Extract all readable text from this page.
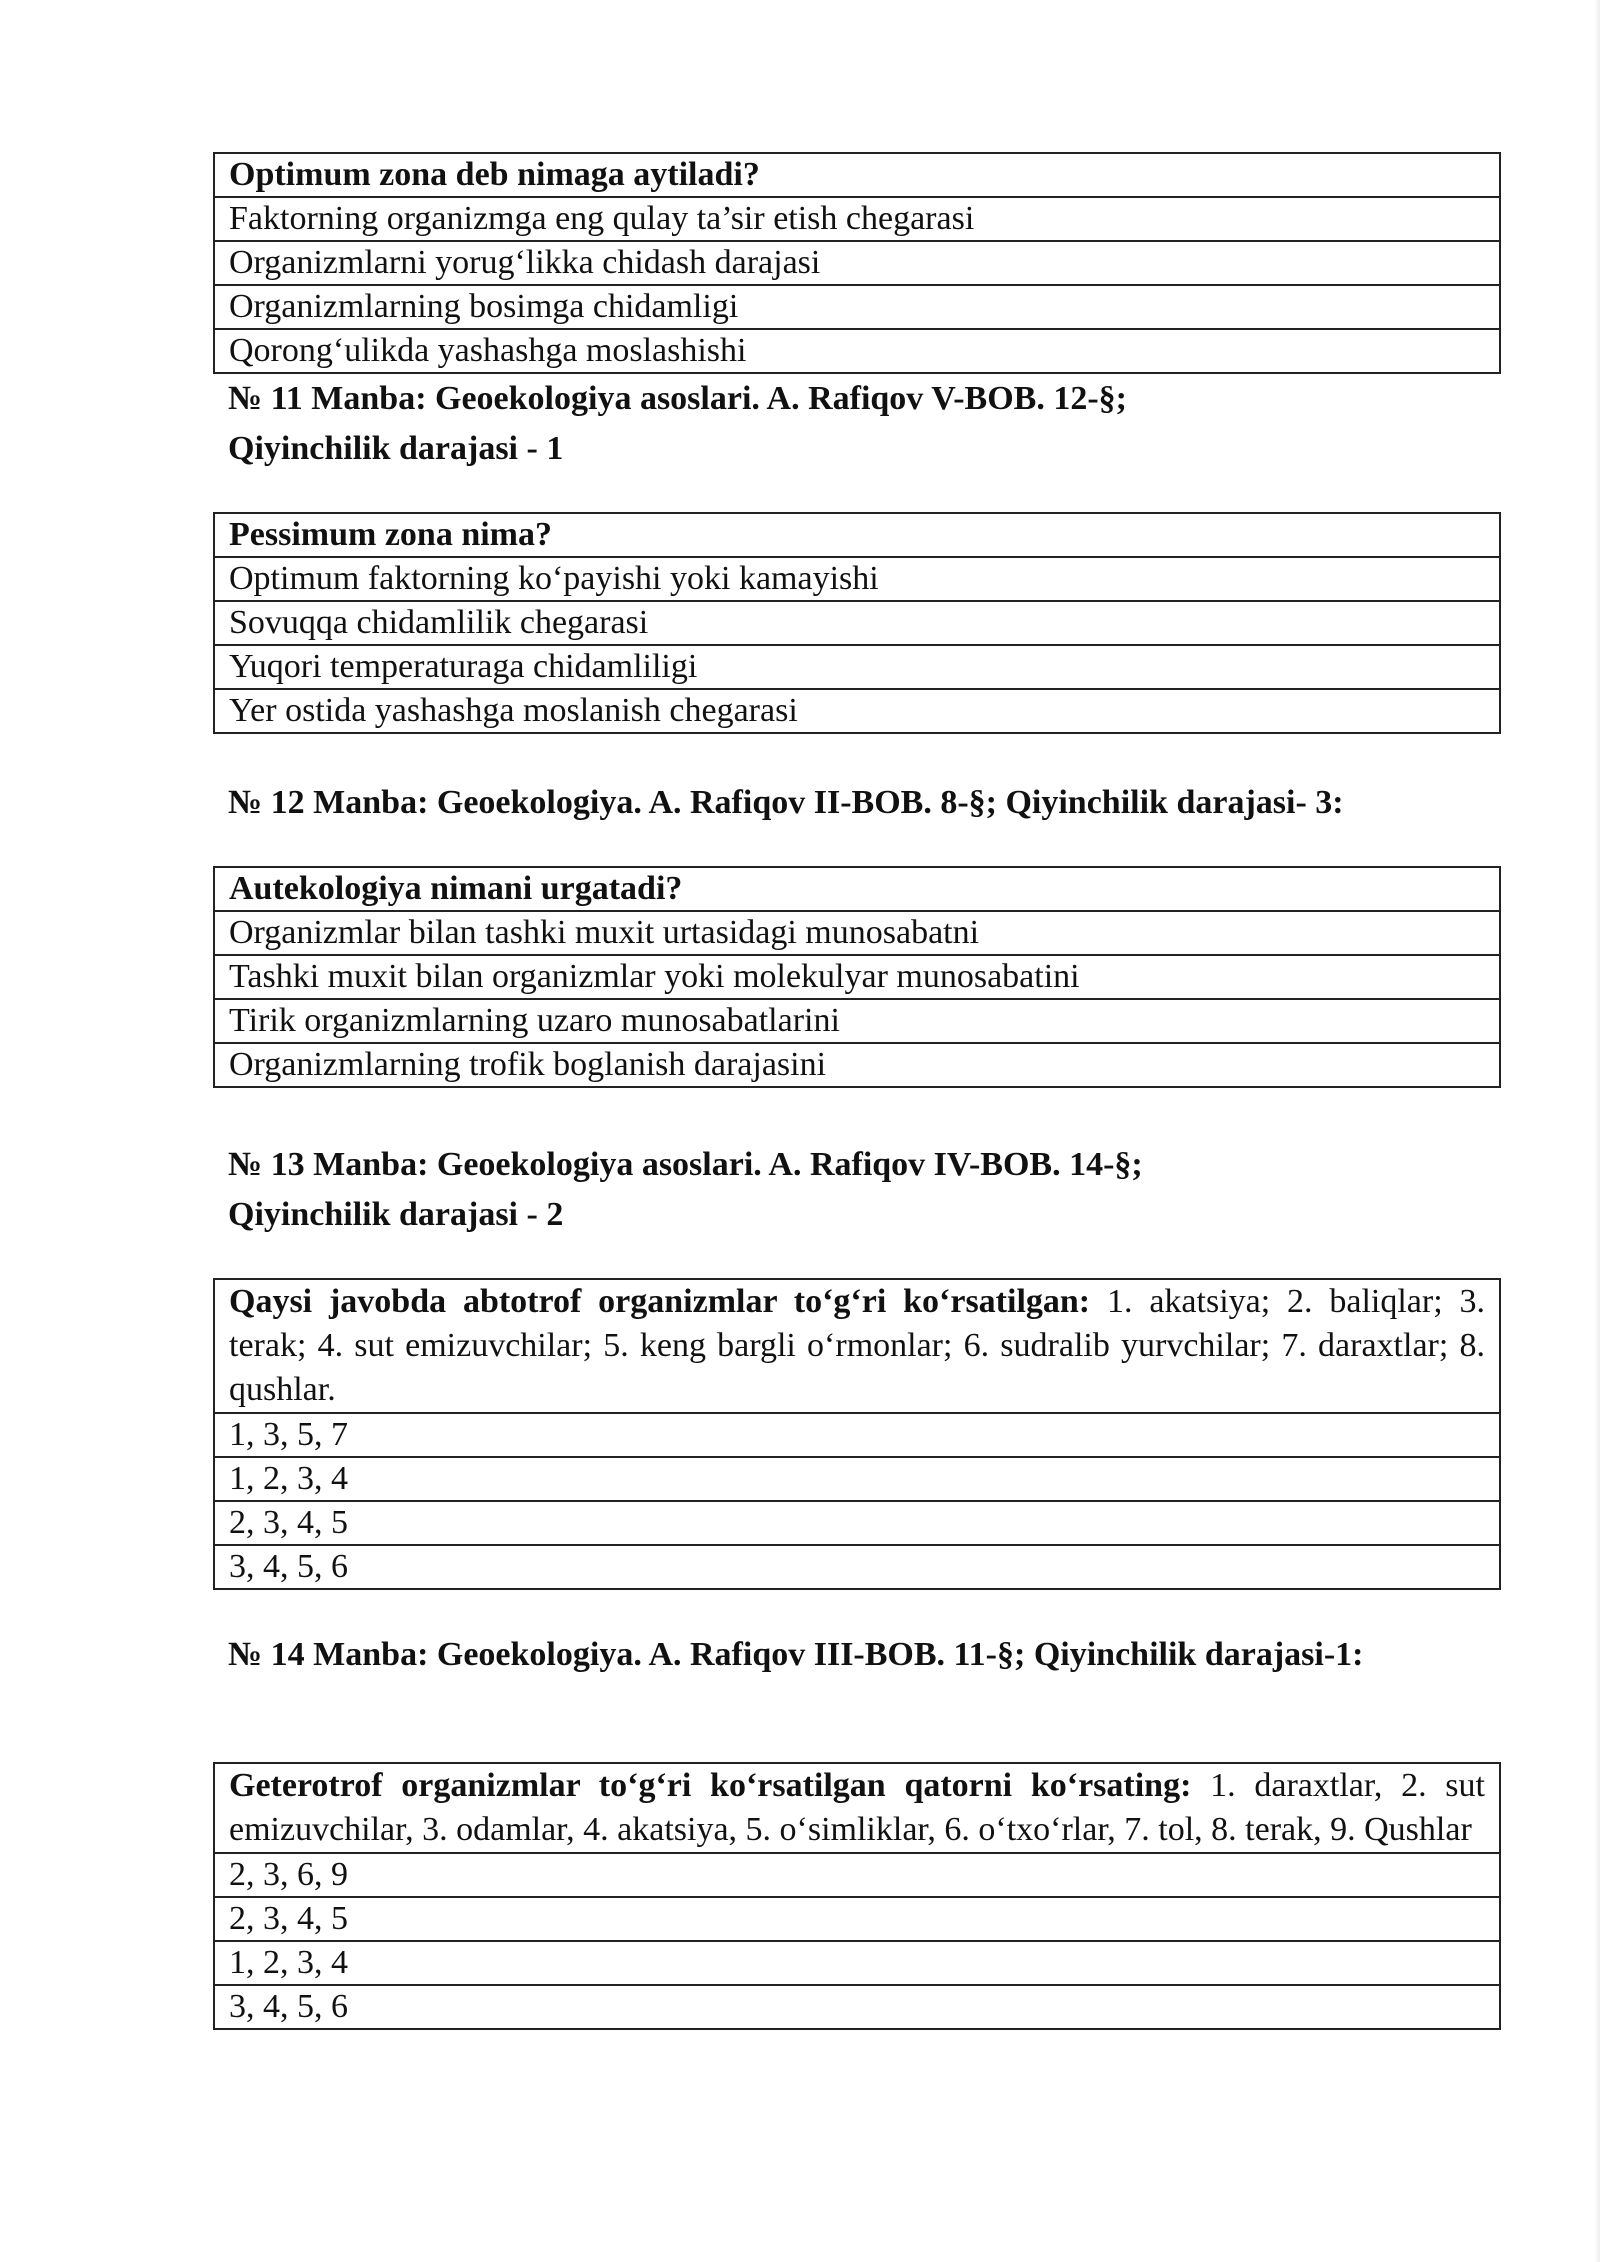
Optimum zona deb nimaga aytiladi?
Faktorning organizmga eng qulay ta’sir etish chegarasi
Organizmlarni yorug‘likka chidash darajasi
Organizmlarning bosimga chidamligi
Qorong‘ulikda yashashga moslashishi
№ 11 Manba: Geoekologiya asoslari. A. Rafiqov V-BOB. 12-§;
Qiyinchilik darajasi - 1
Pessimum zona nima?
Optimum faktorning ko‘payishi yoki kamayishi
Sovuqqa chidamlilik chegarasi
Yuqori temperaturaga chidamliligi
Yer ostida yashashga moslanish chegarasi
№ 12 Manba: Geoekologiya. A. Rafiqov II-BOB. 8-§; Qiyinchilik darajasi- 3:
Autekologiya nimani urgatadi?
Organizmlar bilan tashki muxit urtasidagi munosabatni
Tashki muxit bilan organizmlar yoki molekulyar munosabatini
Tirik organizmlarning uzaro munosabatlarini
Organizmlarning trofik boglanish darajasini
№ 13 Manba: Geoekologiya asoslari. A. Rafiqov IV-BOB. 14-§;
Qiyinchilik darajasi - 2
Qaysi javobda abtotrof organizmlar to‘g‘ri ko‘rsatilgan: 1. akatsiya; 2. baliqlar; 3. terak; 4. sut emizuvchilar; 5. keng bargli o‘rmonlar; 6. sudralib yurvchilar; 7. daraxtlar; 8. qushlar.
1, 3, 5, 7
1, 2, 3, 4
2, 3, 4, 5
3, 4, 5, 6
№ 14 Manba: Geoekologiya. A. Rafiqov III-BOB. 11-§; Qiyinchilik darajasi-1:
Geterotrof organizmlar to‘g‘ri ko‘rsatilgan qatorni ko‘rsating: 1. daraxtlar, 2. sut emizuvchilar, 3. odamlar, 4. akatsiya, 5. o‘simliklar, 6. o‘txo‘rlar, 7. tol, 8. terak, 9. Qushlar
2, 3, 6, 9
2, 3, 4, 5
1, 2, 3, 4
3, 4, 5, 6
